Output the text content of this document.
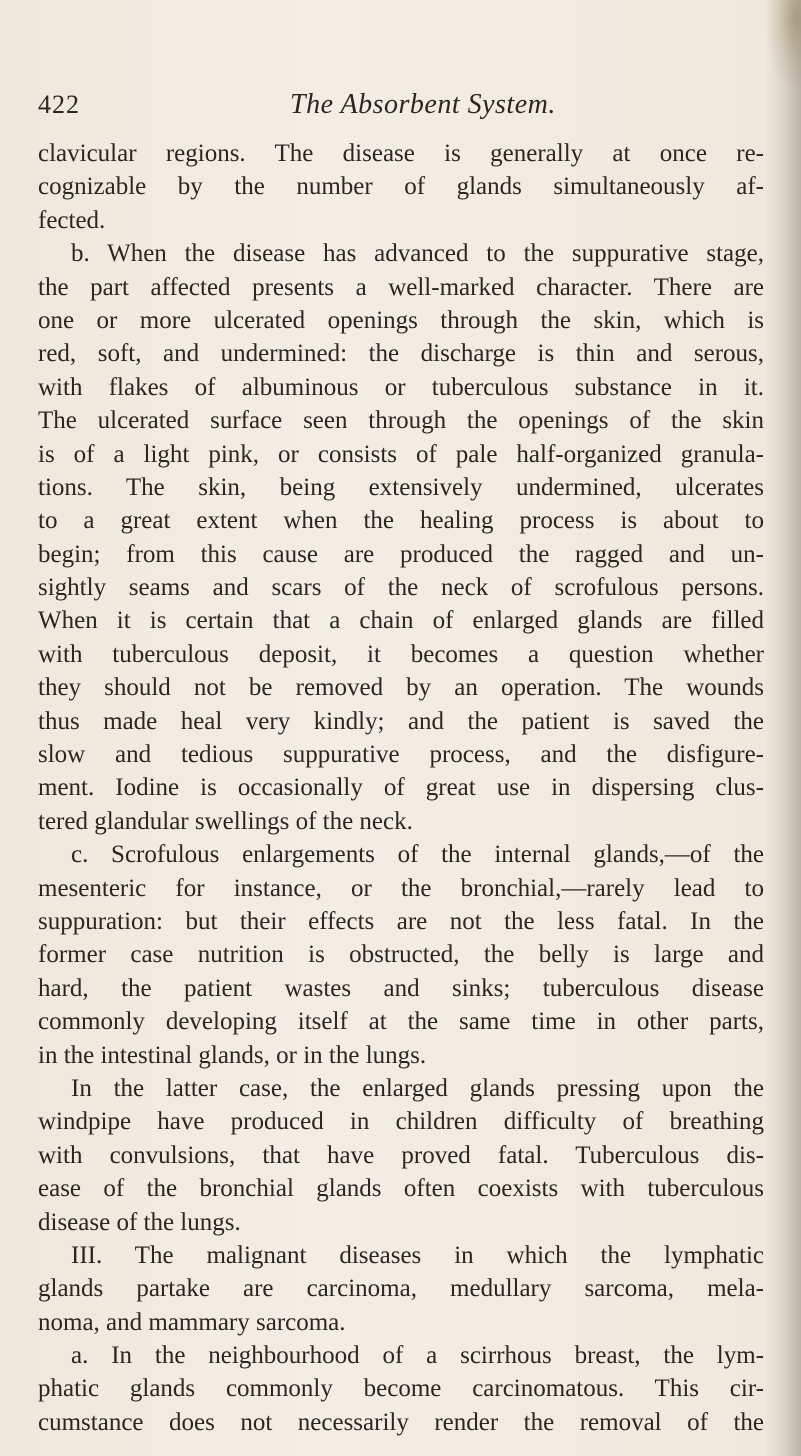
422	The Absorbent System.
clavicular regions. The disease is generally at once re-
cognizable by the number of glands simultaneously af-
fected.
b. When the disease has advanced to the suppurative stage,
the part affected presents a well-marked character. There are
one or more ulcerated openings through the skin, which is
red, soft, and undermined: the discharge is thin and serous,
with flakes of albuminous or tuberculous substance in it.
The ulcerated surface seen through the openings of the skin
is of a light pink, or consists of pale half-organized granula-
tions. The skin, being extensively undermined, ulcerates
to a great extent when the healing process is about to
begin; from this cause are produced the ragged and un-
sightly seams and scars of the neck of scrofulous persons.
When it is certain that a chain of enlarged glands are filled
with tuberculous deposit, it becomes a question whether
they should not be removed by an operation. The wounds
thus made heal very kindly; and the patient is saved the
slow and tedious suppurative process, and the disfigure-
ment. Iodine is occasionally of great use in dispersing clus-
tered glandular swellings of the neck.
c. Scrofulous enlargements of the internal glands,—of the
mesenteric for instance, or the bronchial,—rarely lead to
suppuration: but their effects are not the less fatal. In the
former case nutrition is obstructed, the belly is large and
hard, the patient wastes and sinks; tuberculous disease
commonly developing itself at the same time in other parts,
in the intestinal glands, or in the lungs.
In the latter case, the enlarged glands pressing upon the
windpipe have produced in children difficulty of breathing
with convulsions, that have proved fatal. Tuberculous dis-
ease of the bronchial glands often coexists with tuberculous
disease of the lungs.
III. The malignant diseases in which the lymphatic
glands partake are carcinoma, medullary sarcoma, mela-
noma, and mammary sarcoma.
a. In the neighbourhood of a scirrhous breast, the lym-
phatic glands commonly become carcinomatous. This cir-
cumstance does not necessarily render the removal of the
